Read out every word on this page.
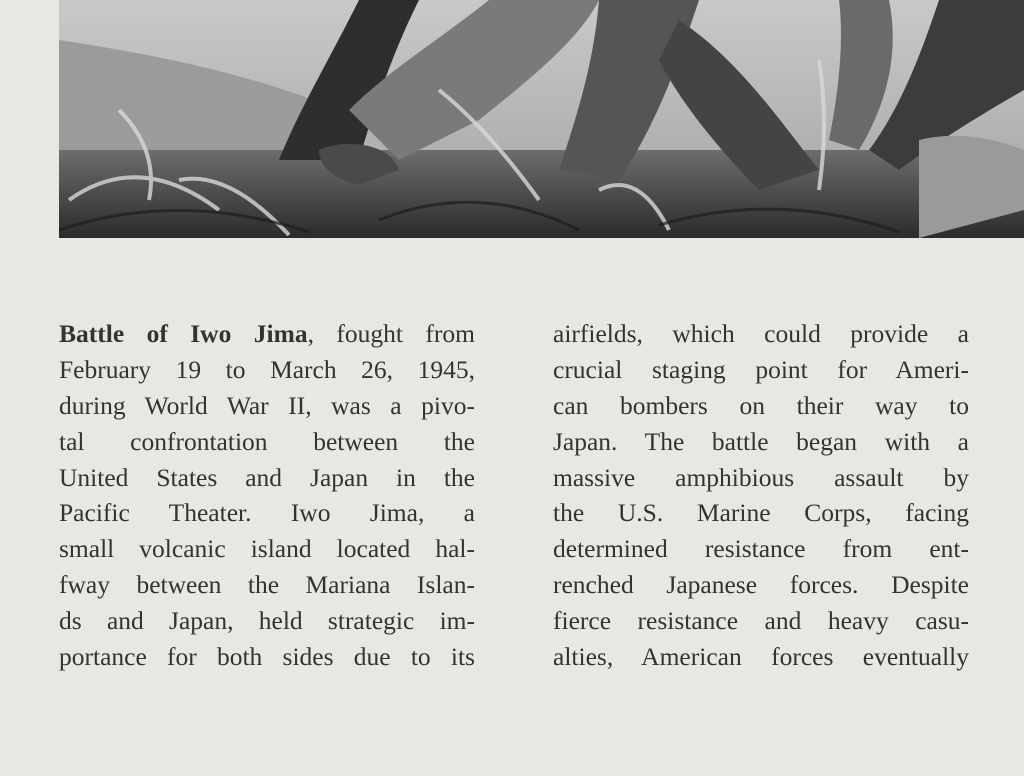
Battle of Iwo Jima, fought from
February 19 to March 26, 1945,
during World War II, was a pivo-
tal confrontation between the
United States and Japan in the
Pacific Theater. Iwo Jima, a
small volcanic island located hal-
fway between the Mariana Islan-
ds and Japan, held strategic im-
portance for both sides due to its
airfields, which could provide a
crucial staging point for Ameri-
can bombers on their way to
Japan. The battle began with a
massive amphibious assault by
the U.S. Marine Corps, facing
determined resistance from ent-
renched Japanese forces. Despite
fierce resistance and heavy casu-
alties, American forces eventually
